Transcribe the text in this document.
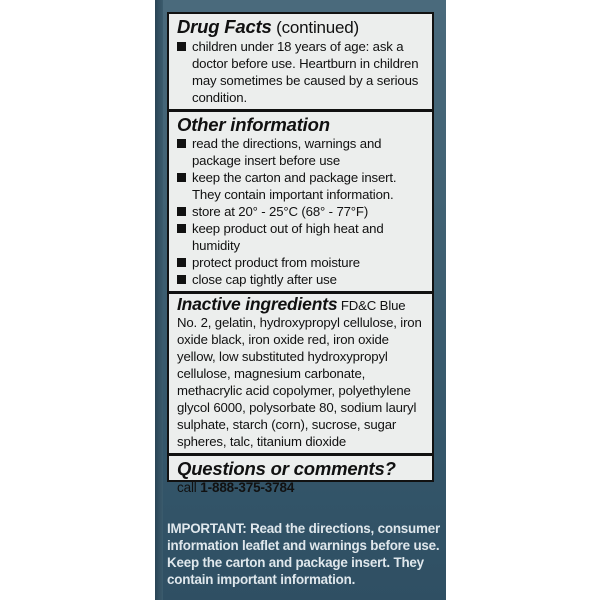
Drug Facts (continued)
children under 18 years of age: ask a doctor before use. Heartburn in children may sometimes be caused by a serious condition.
Other information
read the directions, warnings and package insert before use
keep the carton and package insert. They contain important information.
store at 20° - 25°C (68° - 77°F)
keep product out of high heat and humidity
protect product from moisture
close cap tightly after use
Inactive ingredients FD&C Blue No. 2, gelatin, hydroxypropyl cellulose, iron oxide black, iron oxide red, iron oxide yellow, low substituted hydroxypropyl cellulose, magnesium carbonate, methacrylic acid copolymer, polyethylene glycol 6000, polysorbate 80, sodium lauryl sulphate, starch (corn), sucrose, sugar spheres, talc, titanium dioxide
Questions or comments?
call 1-888-375-3784
IMPORTANT: Read the directions, consumer information leaflet and warnings before use. Keep the carton and package insert. They contain important information.
